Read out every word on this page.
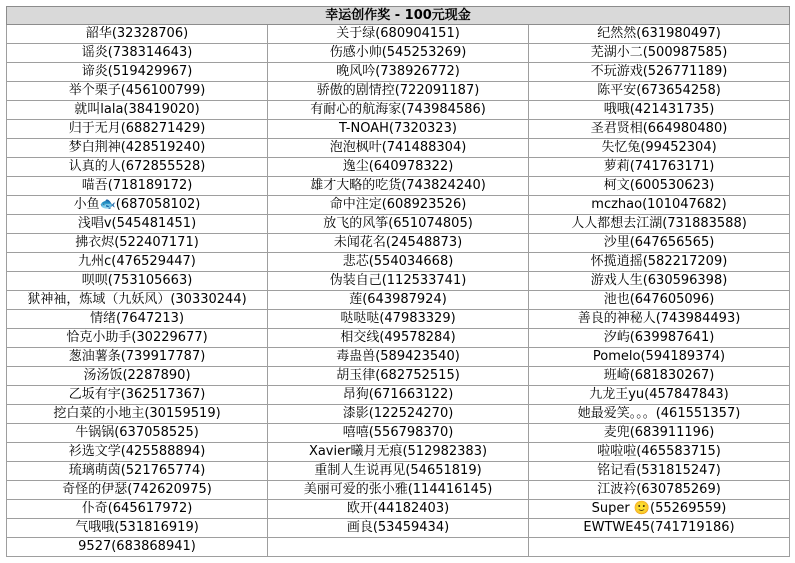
幸运创作奖 - 100元现金		
韶华(32328706)	关于绿(680904151)	纪然然(631980497)
谣炎(738314643)	伤感小帅(545253269)	芜湖小二(500987585)
谛炎(519429967)	晚风吟(738926772)	不玩游戏(526771189)
举个栗子(456100799)	骄傲的剧情控(722091187)	陈平安(673654258)
就叫lala(38419020)	有耐心的航海家(743984586)	哦哦(421431735)
归于无月(688271429)	T-NOAH(7320323)	圣君贤相(664980480)
梦白荆神(428519240)	泡泡枫叶(741488304)	失忆兔(99452304)
认真的人(672855528)	逸尘(640978322)	萝莉(741763171)
喵吾(718189172)	雄才大略的吃货(743824240)	柯文(600530623)
小鱼🐟(687058102)	命中注定(608923526)	mczhao(101047682)
浅唱v(545481451)	放飞的风筝(651074805)	人人都想去江湖(731883588)
拂衣烬(522407171)	未闻花名(24548873)	沙里(647656565)
九州c(476529447)	悲芯(554034668)	怀揽逍摇(582217209)
呗呗(753105663)	伪装自己(112533741)	游戏人生(630596398)
狱神袖，炼域（九妖风）(30330244)	莲(643987924)	池也(647605096)
情绪(7647213)	哒哒哒(47983329)	善良的神秘人(743984493)
恰克小助手(30229677)	相交线(49578284)	汐屿(639987641)
葱油薯条(739917787)	毒蛊兽(589423540)	Pomelo(594189374)
汤汤饭(2287890)	胡玉律(682752515)	班崎(681830267)
乙坂有宇(362517367)	昂狗(671663122)	九龙王yu(457847843)
挖白菜的小地主(30159519)	漆影(122524270)	她最爱笑。。。(461551357)
牛锅锅(637058525)	嘻嘻(556798370)	麦兜(683911196)
衫选文学(425588894)	Xavier曦月无痕(512982383)	啦啦啦(465583715)
琉璃萌茵(521765774)	重制人生说再见(54651819)	铭记看(531815247)
奇怪的伊瑟(742620975)	美丽可爱的张小雅(114416145)	江波衿(630785269)
仆奇(645617972)	欧开(44182403)	Super 🙂(55269559)
气哦哦(531816919)	画良(53459434)	EWTWE45(741719186)
9527(683868941)		
